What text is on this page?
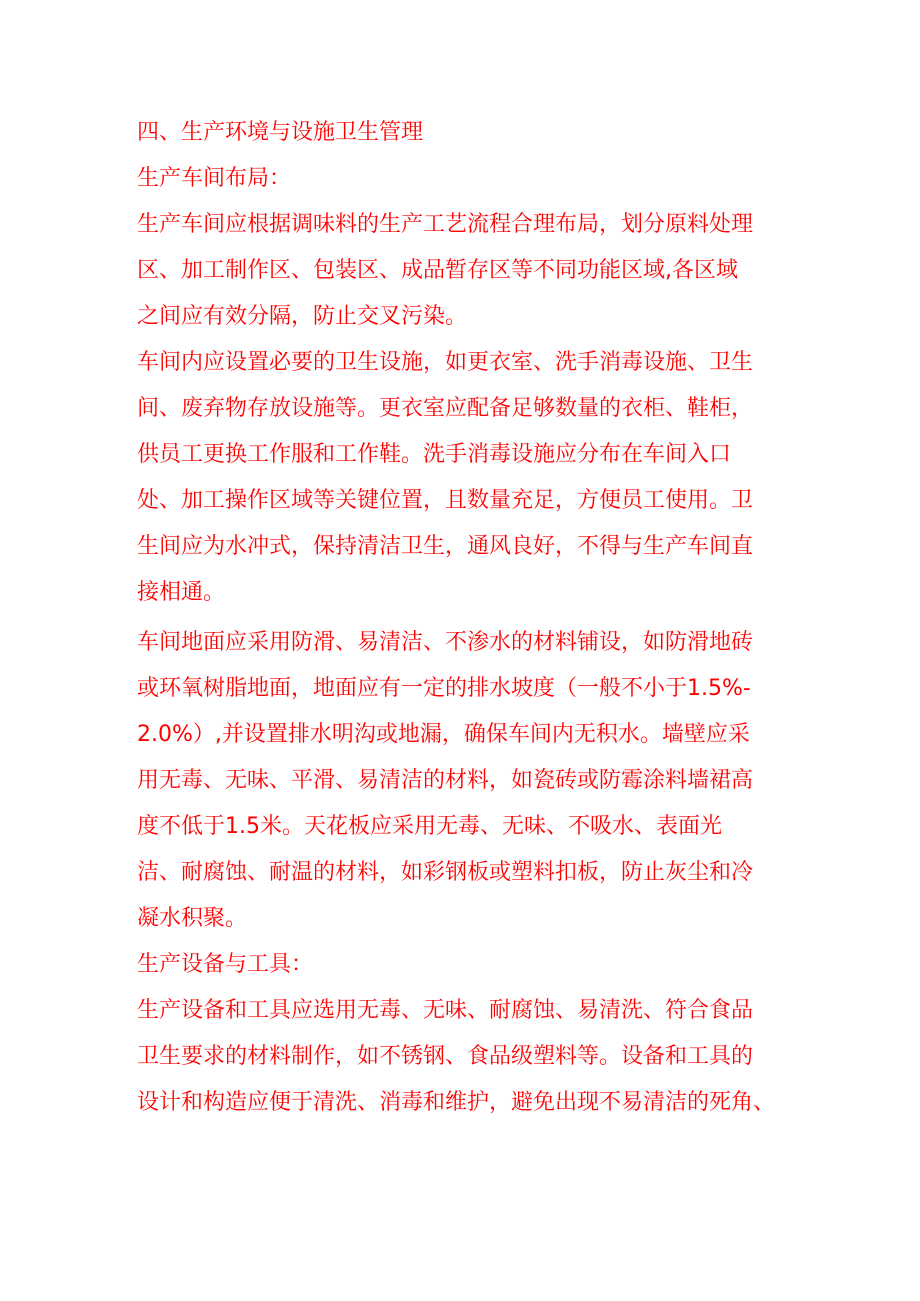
四、生产环境与设施卫生管理
生产车间布局：
生产车间应根据调味料的生产工艺流程合理布局，划分原料处理
区、加工制作区、包装区、成品暂存区等不同功能区域,各区域
之间应有效分隔，防止交叉污染。
车间内应设置必要的卫生设施，如更衣室、洗手消毒设施、卫生
间、废弃物存放设施等。更衣室应配备足够数量的衣柜、鞋柜，
供员工更换工作服和工作鞋。洗手消毒设施应分布在车间入口
处、加工操作区域等关键位置，且数量充足，方便员工使用。卫
生间应为水冲式，保持清洁卫生，通风良好，不得与生产车间直
接相通。
车间地面应采用防滑、易清洁、不渗水的材料铺设，如防滑地砖
或环氧树脂地面，地面应有一定的排水坡度（一般不小于1.5%-
2.0%）,并设置排水明沟或地漏，确保车间内无积水。墙壁应采
用无毒、无味、平滑、易清洁的材料，如瓷砖或防霉涂料墙裙高
度不低于1.5米。天花板应采用无毒、无味、不吸水、表面光
洁、耐腐蚀、耐温的材料，如彩钢板或塑料扣板，防止灰尘和冷
凝水积聚。
生产设备与工具：
生产设备和工具应选用无毒、无味、耐腐蚀、易清洗、符合食品
卫生要求的材料制作，如不锈钢、食品级塑料等。设备和工具的
设计和构造应便于清洗、消毒和维护，避免出现不易清洁的死角、
